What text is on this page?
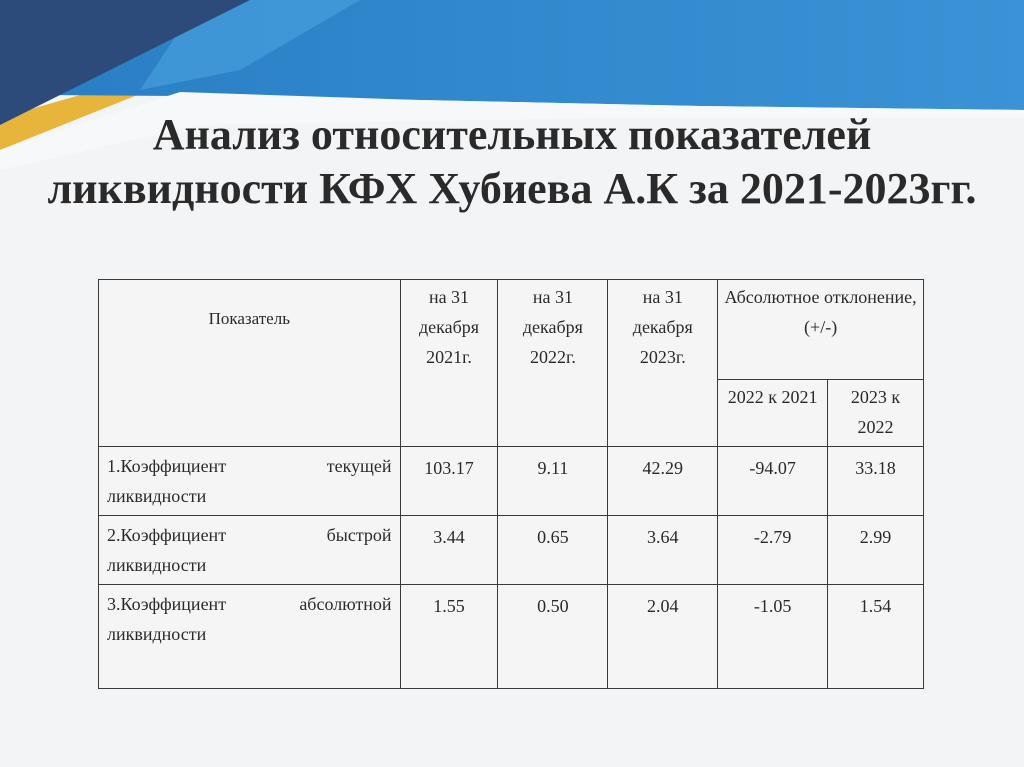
Анализ относительных показателей
ликвидности КФХ Хубиева А.К за 2021-2023гг.
Показатель	на 31 декабря 2021г.	на 31 декабря 2022г.	на 31 декабря 2023г.	Абсолютное отклонение, (+/-)	
				2022 к 2021	2023 к 2022

1.Коэффициент текущей
ликвидности	103.17	9.11	42.29	-94.07	33.18

2.Коэффициент быстрой
ликвидности	3.44	0.65	3.64	-2.79	2.99

3.Коэффициент абсолютной
ликвидности	1.55	0.50	2.04	-1.05	1.54
